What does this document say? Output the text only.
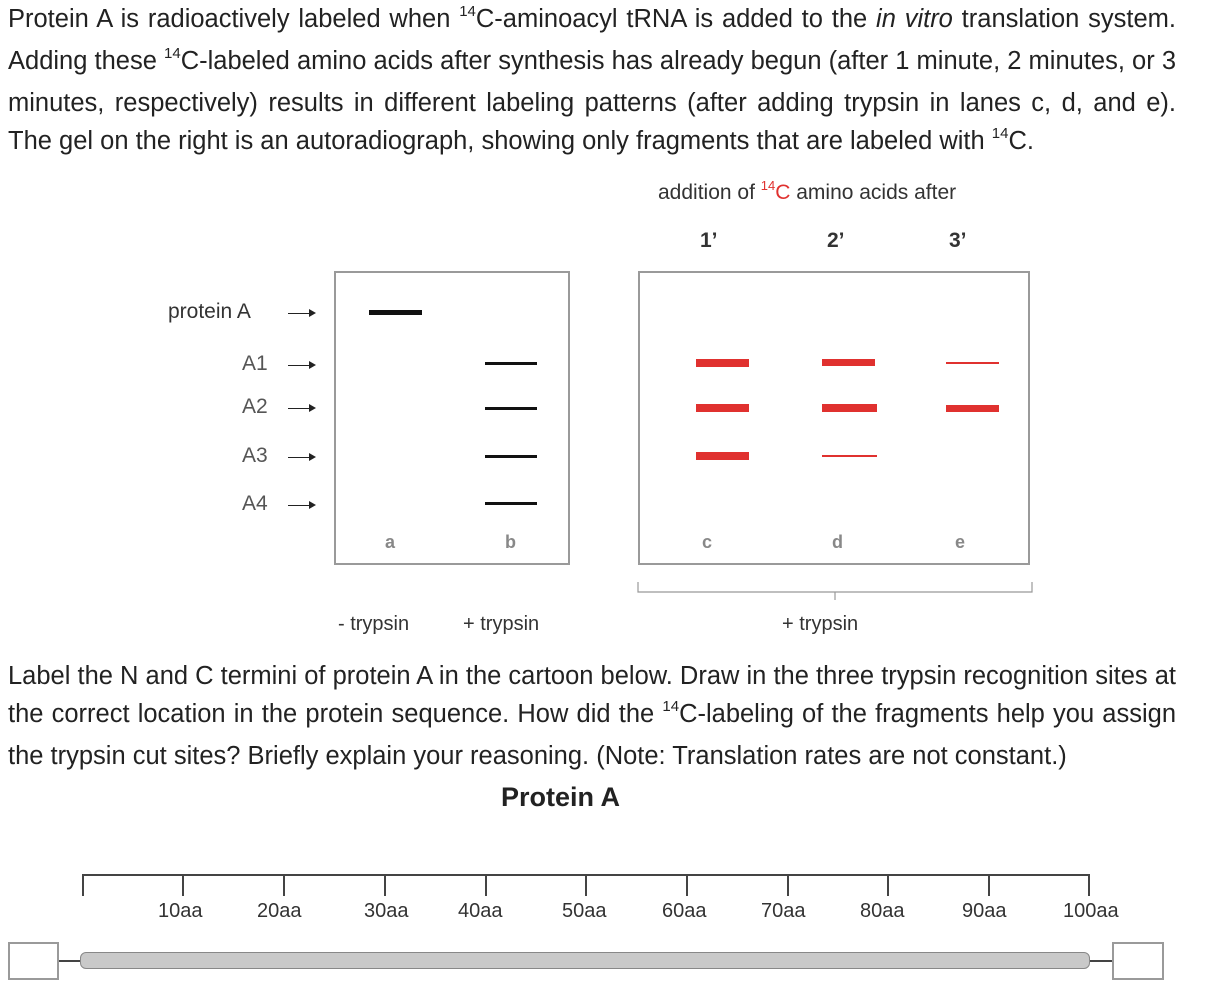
Protein A is radioactively labeled when $^{14}$C-aminoacyl tRNA is added to the in vitro translation system. Adding these $^{14}$C-labeled amino acids after synthesis has already begun (after 1 minute, 2 minutes, or 3 minutes, respectively) results in different labeling patterns (after adding trypsin in lanes c, d, and e). The gel on the right is an autoradiograph, showing only fragments that are labeled with $^{14}$C.

addition of $^{14}$C amino acids after
1’	2’	3’
protein A
A1
A2
A3
A4
a	b	c	d	e
- trypsin	+ trypsin	+ trypsin

Label the N and C termini of protein A in the cartoon below. Draw in the three trypsin recognition sites at the correct location in the protein sequence. How did the $^{14}$C-labeling of the fragments help you assign the trypsin cut sites? Briefly explain your reasoning. (Note: Translation rates are not constant.)

Protein A
10aa	20aa	30aa 40aa	50aa	60aa	70aa	80aa	90aa	100aa
